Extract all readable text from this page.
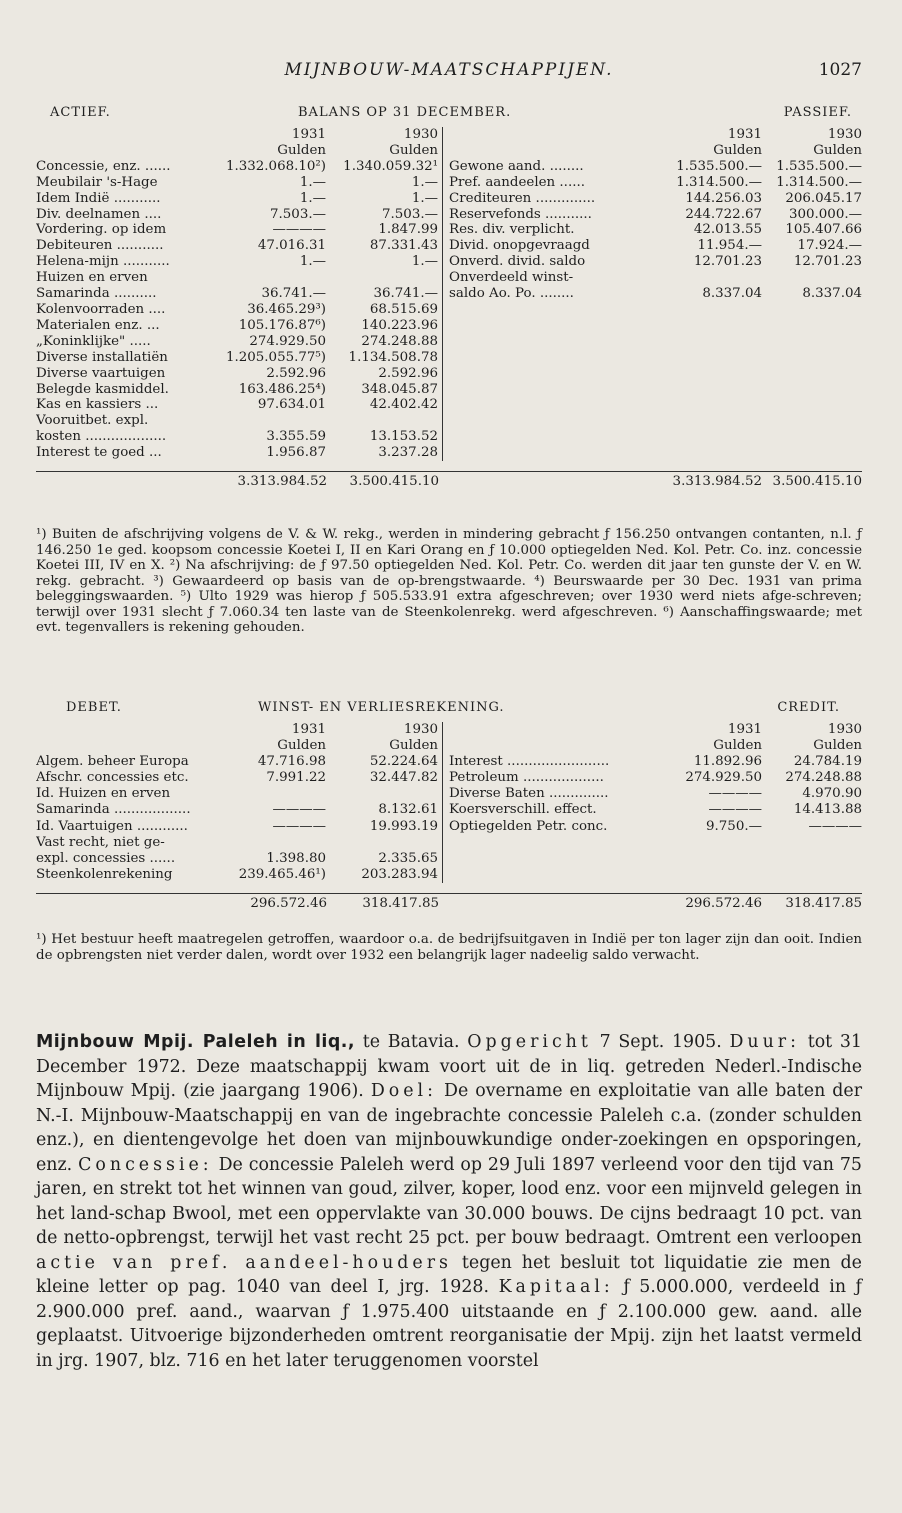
MIJNBOUW-MAATSCHAPPIJEN.	1027
ACTIEF.	BALANS OP 31 DECEMBER.	PASSIEF.
1931	1930
Gulden	Gulden
Concessie, enz. ......	1.332.068.10²)	1.340.059.32¹
Meubilair 's-Hage	1.—	1.—
Idem Indië ...........	1.—	1.—
Div. deelnamen ....	7.503.—	7.503.—
Vordering. op idem	————	1.847.99
Debiteuren ...........	47.016.31	87.331.43
Helena-mijn ...........	1.—	1.—
Huizen en erven
Samarinda ..........	36.741.—	36.741.—
Kolenvoorraden ....	36.465.29³)	68.515.69
Materialen enz. ...	105.176.87⁶)	140.223.96
„Koninklijke" .....	274.929.50	274.248.88
Diverse installatiën	1.205.055.77⁵)	1.134.508.78
Diverse vaartuigen	2.592.96	2.592.96
Belegde kasmiddel.	163.486.25⁴)	348.045.87
Kas en kassiers ...	97.634.01	42.402.42
Vooruitbet. expl.
kosten ...................	3.355.59	13.153.52
Interest te goed ...	1.956.87	3.237.28
1931	1930
Gulden	Gulden
Gewone aand. ........	1.535.500.—	1.535.500.—
Pref. aandeelen ......	1.314.500.—	1.314.500.—
Crediteuren ..............	144.256.03	206.045.17
Reservefonds ...........	244.722.67	300.000.—
Res. div. verplicht.	42.013.55	105.407.66
Divid. onopgevraagd	11.954.—	17.924.—
Onverd. divid. saldo	12.701.23	12.701.23
Onverdeeld winst-
saldo Ao. Po. ........	8.337.04	8.337.04
3.313.984.52	3.500.415.10	3.313.984.52 3.500.415.10
¹) Buiten de afschrijving volgens de V. & W. rekg., werden in mindering gebracht ƒ 156.250 ontvangen contanten, n.l. ƒ 146.250 1e ged. koopsom concessie Koetei I, II en Kari Orang en ƒ 10.000 optiegelden Ned. Kol. Petr. Co. inz. concessie Koetei III, IV en X. ²) Na afschrijving: de ƒ 97.50 optiegelden Ned. Kol. Petr. Co. werden dit jaar ten gunste der V. en W. rekg. gebracht. ³) Gewaardeerd op basis van de op-brengstwaarde. ⁴) Beurswaarde per 30 Dec. 1931 van prima beleggingswaarden. ⁵) Ulto 1929 was hierop ƒ 505.533.91 extra afgeschreven; over 1930 werd niets afge-schreven; terwijl over 1931 slecht ƒ 7.060.34 ten laste van de Steenkolenrekg. werd afgeschreven. ⁶) Aanschaffingswaarde; met evt. tegenvallers is rekening gehouden.
DEBET.	WINST- EN VERLIESREKENING.	CREDIT.
1931	1930
Gulden	Gulden
Algem. beheer Europa	47.716.98	52.224.64
Afschr. concessies etc.	7.991.22	32.447.82
Id. Huizen en erven
Samarinda ..................	————	8.132.61
Id. Vaartuigen ............	————	19.993.19
Vast recht, niet ge-
expl. concessies ......	1.398.80	2.335.65
Steenkolenrekening	239.465.46¹)	203.283.94
1931	1930
Gulden	Gulden
Interest ........................	11.892.96	24.784.19
Petroleum ...................	274.929.50	274.248.88
Diverse Baten ..............	————	4.970.90
Koersverschill. effect.	————	14.413.88
Optiegelden Petr. conc.	9.750.—	————
296.572.46	318.417.85	296.572.46	318.417.85
¹) Het bestuur heeft maatregelen getroffen, waardoor o.a. de bedrijfsuitgaven in Indië per ton lager zijn dan ooit. Indien de opbrengsten niet verder dalen, wordt over 1932 een belangrijk lager nadeelig saldo verwacht.
Mijnbouw Mpij. Paleleh in liq., te Batavia. Opgericht 7 Sept. 1905. Duur: tot 31 December 1972. Deze maatschappij kwam voort uit de in liq. getreden Nederl.-Indische Mijnbouw Mpij. (zie jaargang 1906). Doel: De overname en exploitatie van alle baten der N.-I. Mijnbouw-Maatschappij en van de ingebrachte concessie Paleleh c.a. (zonder schulden enz.), en dientengevolge het doen van mijnbouwkundige onder-zoekingen en opsporingen, enz. Concessie: De concessie Paleleh werd op 29 Juli 1897 verleend voor den tijd van 75 jaren, en strekt tot het winnen van goud, zilver, koper, lood enz. voor een mijnveld gelegen in het land-schap Bwool, met een oppervlakte van 30.000 bouws. De cijns bedraagt 10 pct. van de netto-opbrengst, terwijl het vast recht 25 pct. per bouw bedraagt. Omtrent een verloopen actie van pref. aandeel-houders tegen het besluit tot liquidatie zie men de kleine letter op pag. 1040 van deel I, jrg. 1928. Kapitaal: ƒ 5.000.000, verdeeld in ƒ 2.900.000 pref. aand., waarvan ƒ 1.975.400 uitstaande en ƒ 2.100.000 gew. aand. alle geplaatst. Uitvoerige bijzonderheden omtrent reorganisatie der Mpij. zijn het laatst vermeld in jrg. 1907, blz. 716 en het later teruggenomen voorstel
